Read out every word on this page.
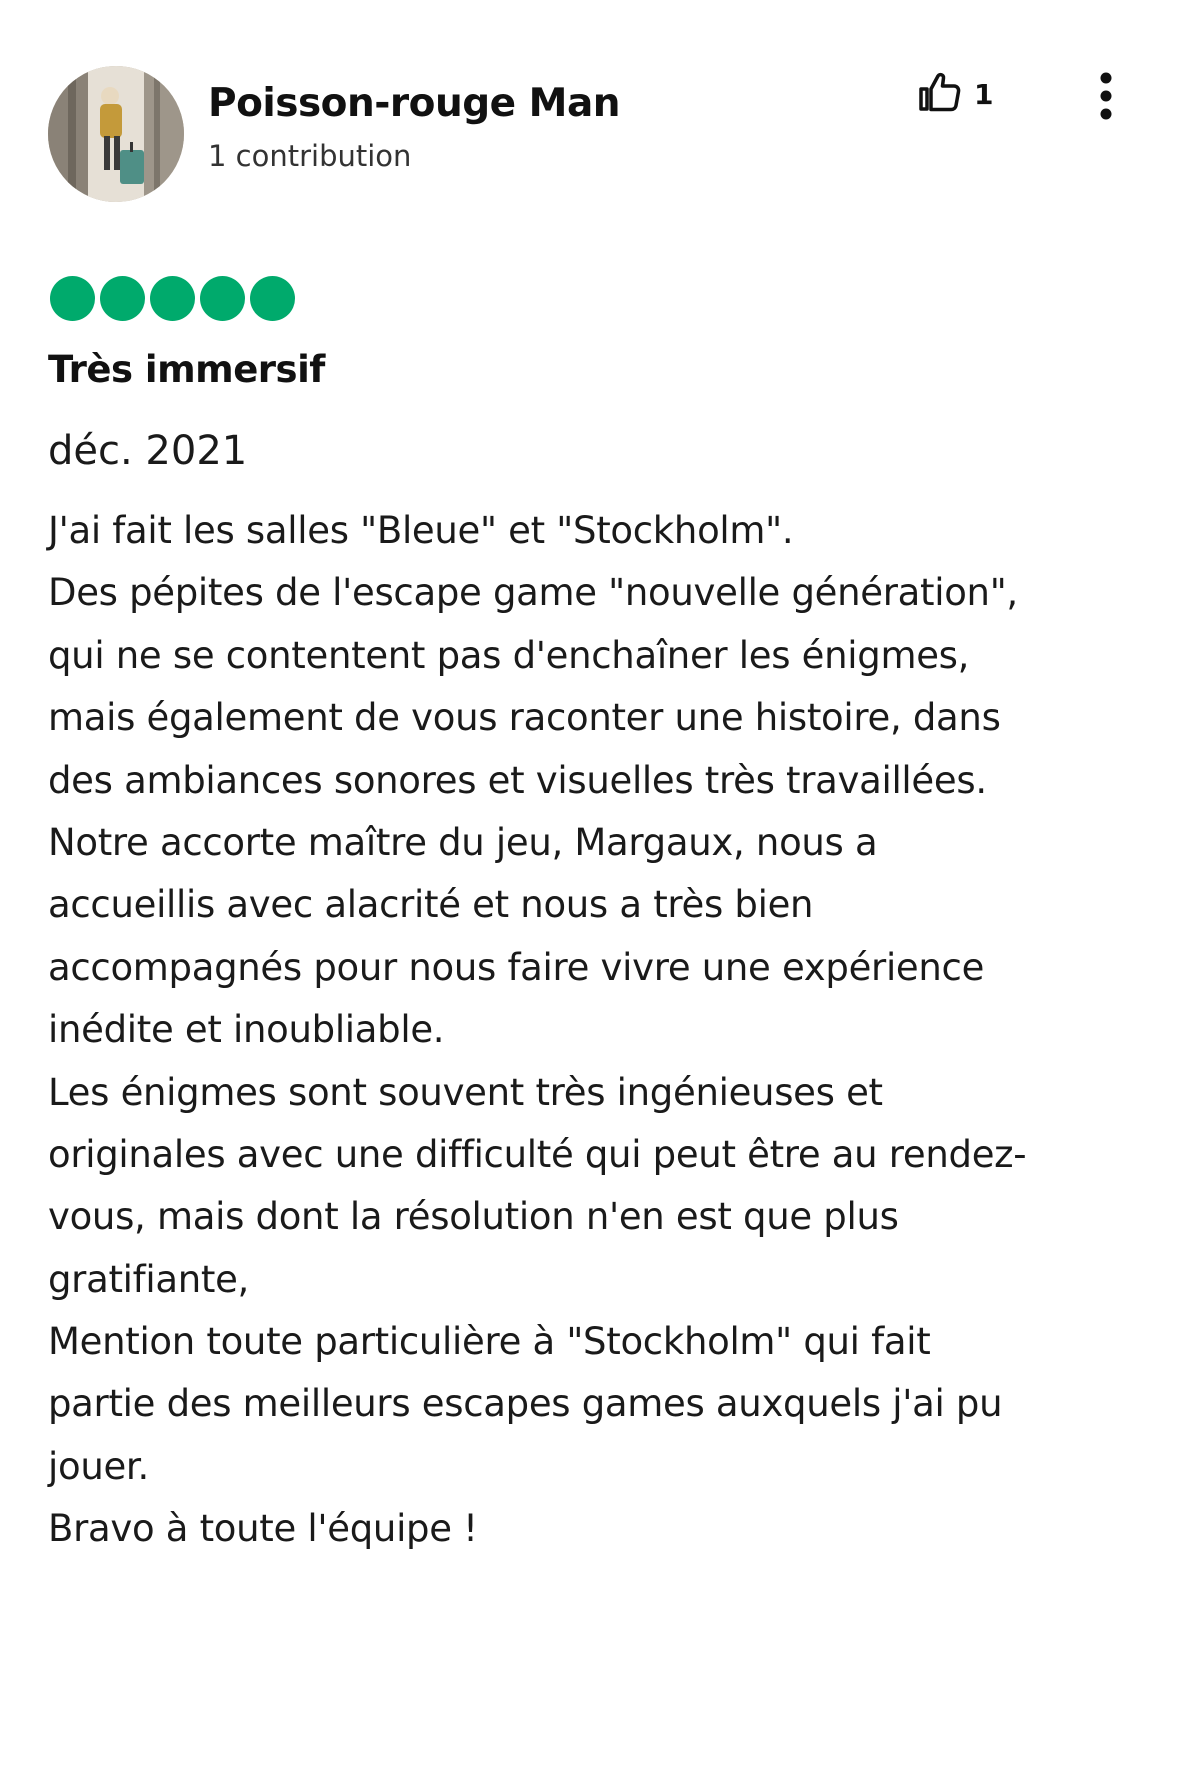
Poisson-rouge Man
1 contribution
1
Très immersif
déc. 2021
J'ai fait les salles "Bleue" et "Stockholm".
Des pépites de l'escape game "nouvelle génération",
qui ne se contentent pas d'enchaîner les énigmes,
mais également de vous raconter une histoire, dans
des ambiances sonores et visuelles très travaillées.
Notre accorte maître du jeu, Margaux, nous a
accueillis avec alacrité et nous a très bien
accompagnés pour nous faire vivre une expérience
inédite et inoubliable.
Les énigmes sont souvent très ingénieuses et
originales avec une difficulté qui peut être au rendez-
vous, mais dont la résolution n'en est que plus
gratifiante,
Mention toute particulière à "Stockholm" qui fait
partie des meilleurs escapes games auxquels j'ai pu
jouer.
Bravo à toute l'équipe !
